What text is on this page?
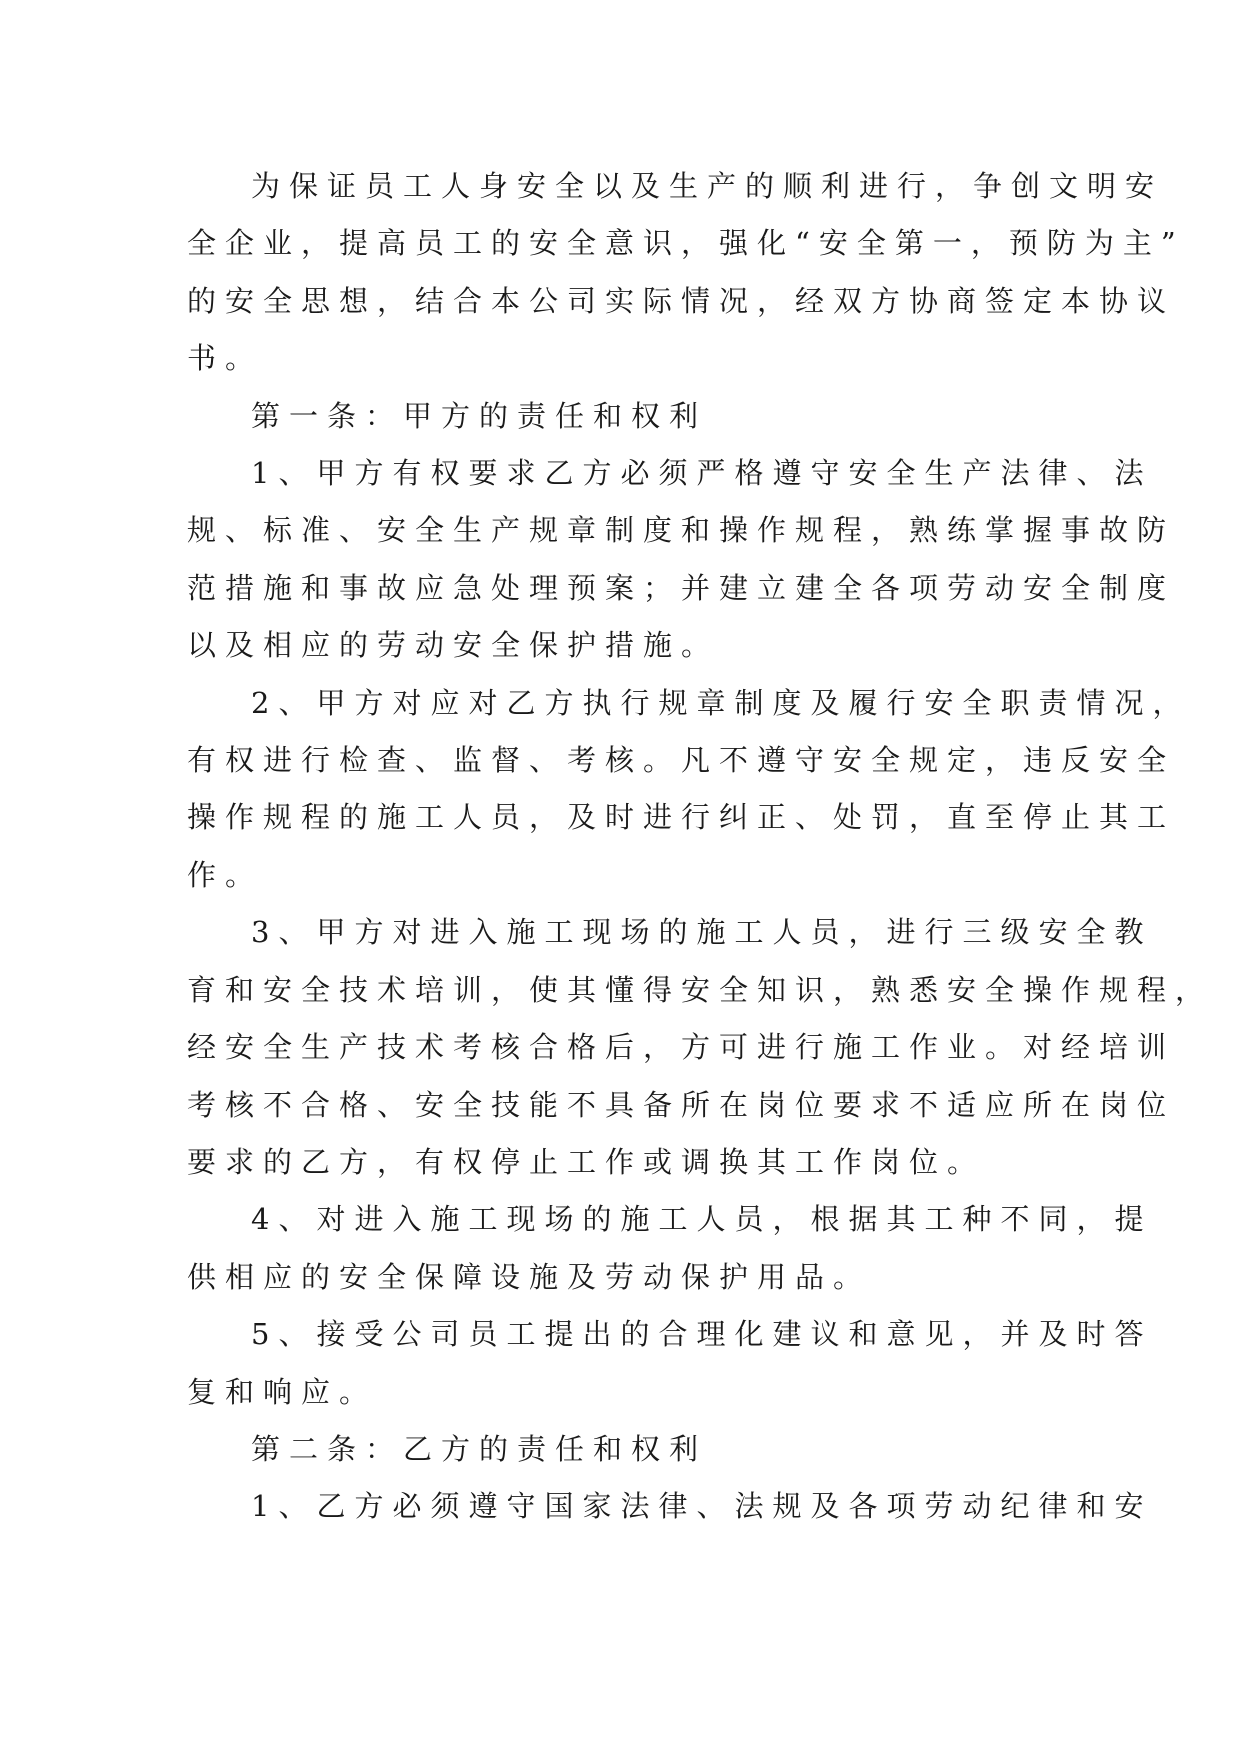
为保证员工人身安全以及生产的顺利进行，争创文明安
全企业，提高员工的安全意识，强化“安全第一，预防为主”
的安全思想，结合本公司实际情况，经双方协商签定本协议
书。
第一条：甲方的责任和权利
1、甲方有权要求乙方必须严格遵守安全生产法律、法
规、标准、安全生产规章制度和操作规程，熟练掌握事故防
范措施和事故应急处理预案；并建立建全各项劳动安全制度
以及相应的劳动安全保护措施。
2、甲方对应对乙方执行规章制度及履行安全职责情况，
有权进行检查、监督、考核。凡不遵守安全规定，违反安全
操作规程的施工人员，及时进行纠正、处罚，直至停止其工
作。
3、甲方对进入施工现场的施工人员，进行三级安全教
育和安全技术培训，使其懂得安全知识，熟悉安全操作规程，
经安全生产技术考核合格后，方可进行施工作业。对经培训
考核不合格、安全技能不具备所在岗位要求不适应所在岗位
要求的乙方，有权停止工作或调换其工作岗位。
4、对进入施工现场的施工人员，根据其工种不同，提
供相应的安全保障设施及劳动保护用品。
5、接受公司员工提出的合理化建议和意见，并及时答
复和响应。
第二条：乙方的责任和权利
1、乙方必须遵守国家法律、法规及各项劳动纪律和安
